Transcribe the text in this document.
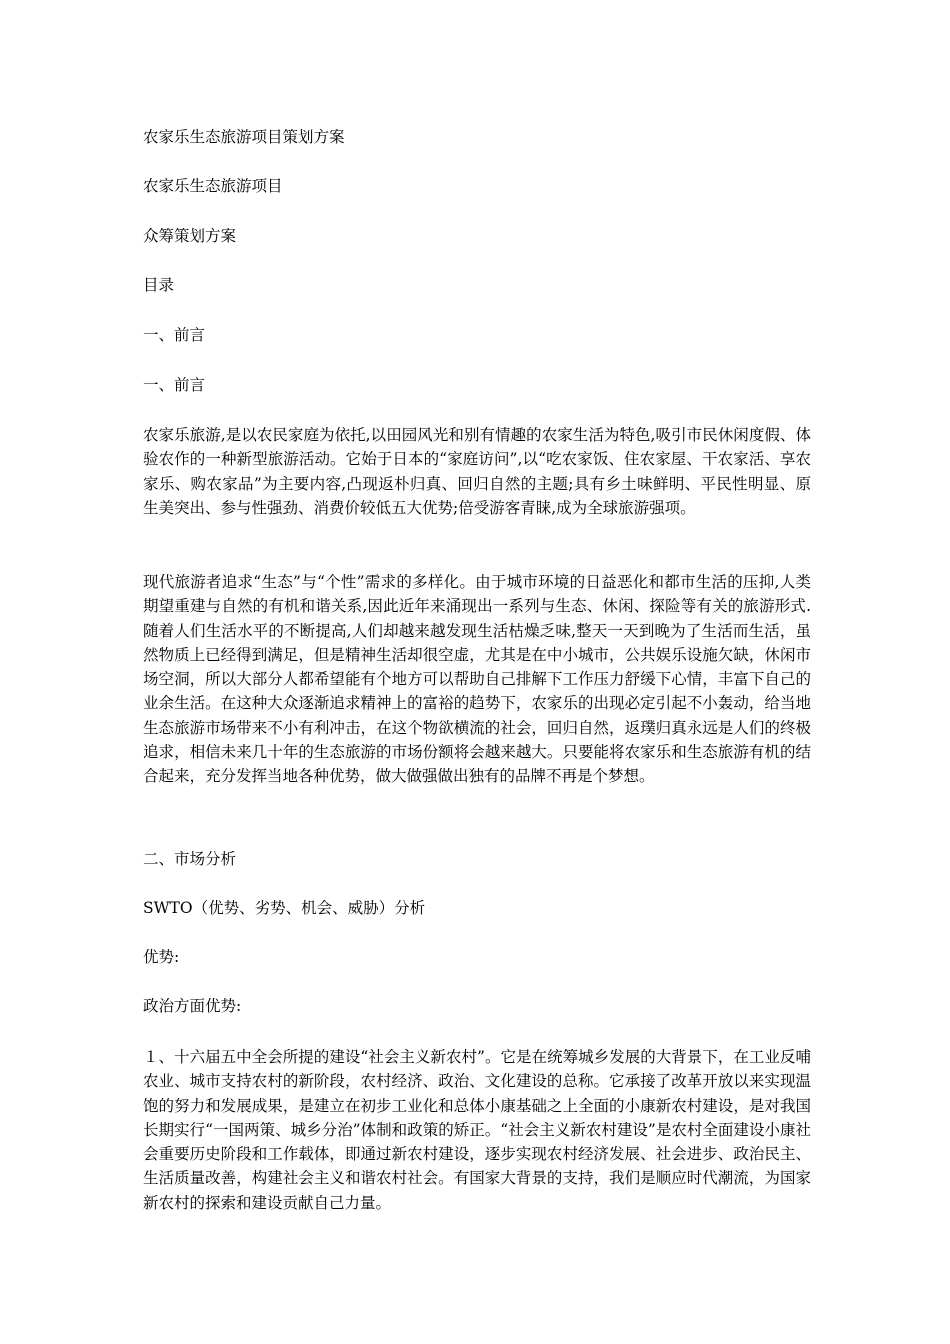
农家乐生态旅游项目策划方案
农家乐生态旅游项目
众筹策划方案
目录
一、前言
一、前言
农家乐旅游,是以农民家庭为依托,以田园风光和别有情趣的农家生活为特色,吸引市民休闲度假、体验农作的一种新型旅游活动。它始于日本的“家庭访问”,以“吃农家饭、住农家屋、干农家活、享农家乐、购农家品”为主要内容,凸现返朴归真、回归自然的主题;具有乡土味鲜明、平民性明显、原生美突出、参与性强劲、消费价较低五大优势;倍受游客青睐,成为全球旅游强项。
现代旅游者追求“生态”与“个性”需求的多样化。由于城市环境的日益恶化和都市生活的压抑,人类期望重建与自然的有机和谐关系,因此近年来涌现出一系列与生态、休闲、探险等有关的旅游形式.随着人们生活水平的不断提高,人们却越来越发现生活枯燥乏味,整天一天到晚为了生活而生活，虽然物质上已经得到满足，但是精神生活却很空虚，尤其是在中小城市，公共娱乐设施欠缺，休闲市场空洞，所以大部分人都希望能有个地方可以帮助自己排解下工作压力舒缓下心情，丰富下自己的业余生活。在这种大众逐渐追求精神上的富裕的趋势下，农家乐的出现必定引起不小轰动，给当地生态旅游市场带来不小有利冲击，在这个物欲横流的社会，回归自然，返璞归真永远是人们的终极追求，相信未来几十年的生态旅游的市场份额将会越来越大。只要能将农家乐和生态旅游有机的结合起来，充分发挥当地各种优势，做大做强做出独有的品牌不再是个梦想。
二、市场分析
SWTO（优势、劣势、机会、威胁）分析
优势:
政治方面优势:
１、十六届五中全会所提的建设“社会主义新农村”。它是在统筹城乡发展的大背景下，在工业反哺农业、城市支持农村的新阶段，农村经济、政治、文化建设的总称。它承接了改革开放以来实现温饱的努力和发展成果，是建立在初步工业化和总体小康基础之上全面的小康新农村建设，是对我国长期实行“一国两策、城乡分治”体制和政策的矫正。“社会主义新农村建设”是农村全面建设小康社会重要历史阶段和工作载体，即通过新农村建设，逐步实现农村经济发展、社会进步、政治民主、生活质量改善，构建社会主义和谐农村社会。有国家大背景的支持，我们是顺应时代潮流，为国家新农村的探索和建设贡献自己力量。
